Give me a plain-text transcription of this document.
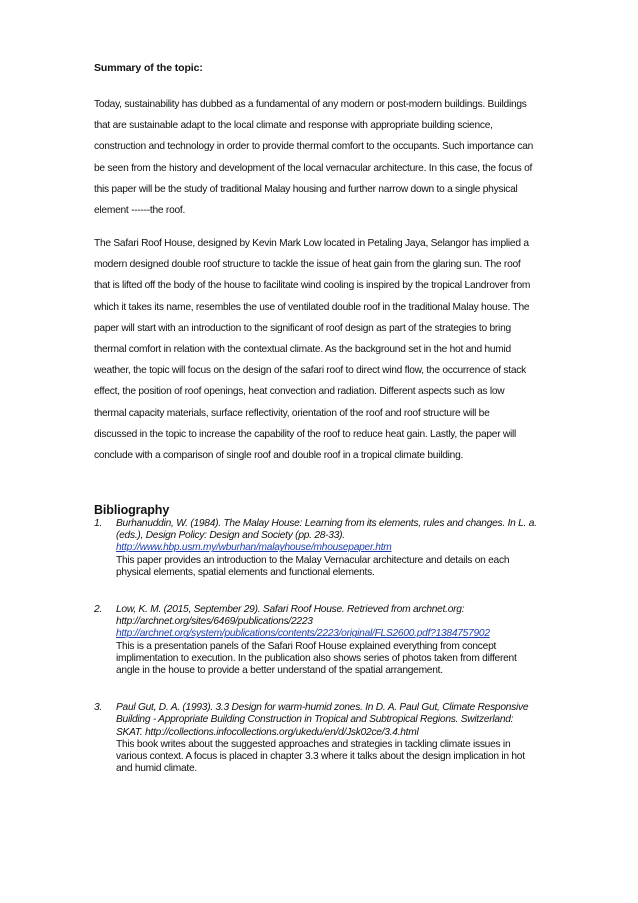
Summary of the topic:

Today, sustainability has dubbed as a fundamental of any modern or post-modern buildings. Buildings
that are sustainable adapt to the local climate and response with appropriate building science,
construction and technology in order to provide thermal comfort to the occupants. Such importance can
be seen from the history and development of the local vernacular architecture. In this case, the focus of
this paper will be the study of traditional Malay housing and further narrow down to a single physical
element ------the roof.

The Safari Roof House, designed by Kevin Mark Low located in Petaling Jaya, Selangor has implied a
modern designed double roof structure to tackle the issue of heat gain from the glaring sun. The roof
that is lifted off the body of the house to facilitate wind cooling is inspired by the tropical Landrover from
which it takes its name, resembles the use of ventilated double roof in the traditional Malay house. The
paper will start with an introduction to the significant of roof design as part of the strategies to bring
thermal comfort in relation with the contextual climate. As the background set in the hot and humid
weather, the topic will focus on the design of the safari roof to direct wind flow, the occurrence of stack
effect, the position of roof openings, heat convection and radiation. Different aspects such as low
thermal capacity materials, surface reflectivity, orientation of the roof and roof structure will be
discussed in the topic to increase the capability of the roof to reduce heat gain. Lastly, the paper will
conclude with a comparison of single roof and double roof in a tropical climate building.

Bibliography
1. Burhanuddin, W. (1984). The Malay House: Learning from its elements, rules and changes. In L. a.
(eds.), Design Policy: Design and Society (pp. 28-33).
http://www.hbp.usm.my/wburhan/malayhouse/mhousepaper.htm
This paper provides an introduction to the Malay Vernacular architecture and details on each
physical elements, spatial elements and functional elements.
2. Low, K. M. (2015, September 29). Safari Roof House. Retrieved from archnet.org:
http://archnet.org/sites/6469/publications/2223
http://archnet.org/system/publications/contents/2223/original/FLS2600.pdf?1384757902
This is a presentation panels of the Safari Roof House explained everything from concept
implimentation to execution. In the publication also shows series of photos taken from different
angle in the house to provide a better understand of the spatial arrangement.
3. Paul Gut, D. A. (1993). 3.3 Design for warm-humid zones. In D. A. Paul Gut, Climate Responsive
Building - Appropriate Building Construction in Tropical and Subtropical Regions. Switzerland:
SKAT. http://collections.infocollections.org/ukedu/en/d/Jsk02ce/3.4.html
This book writes about the suggested approaches and strategies in tackling climate issues in
various context. A focus is placed in chapter 3.3 where it talks about the design implication in hot
and humid climate.
